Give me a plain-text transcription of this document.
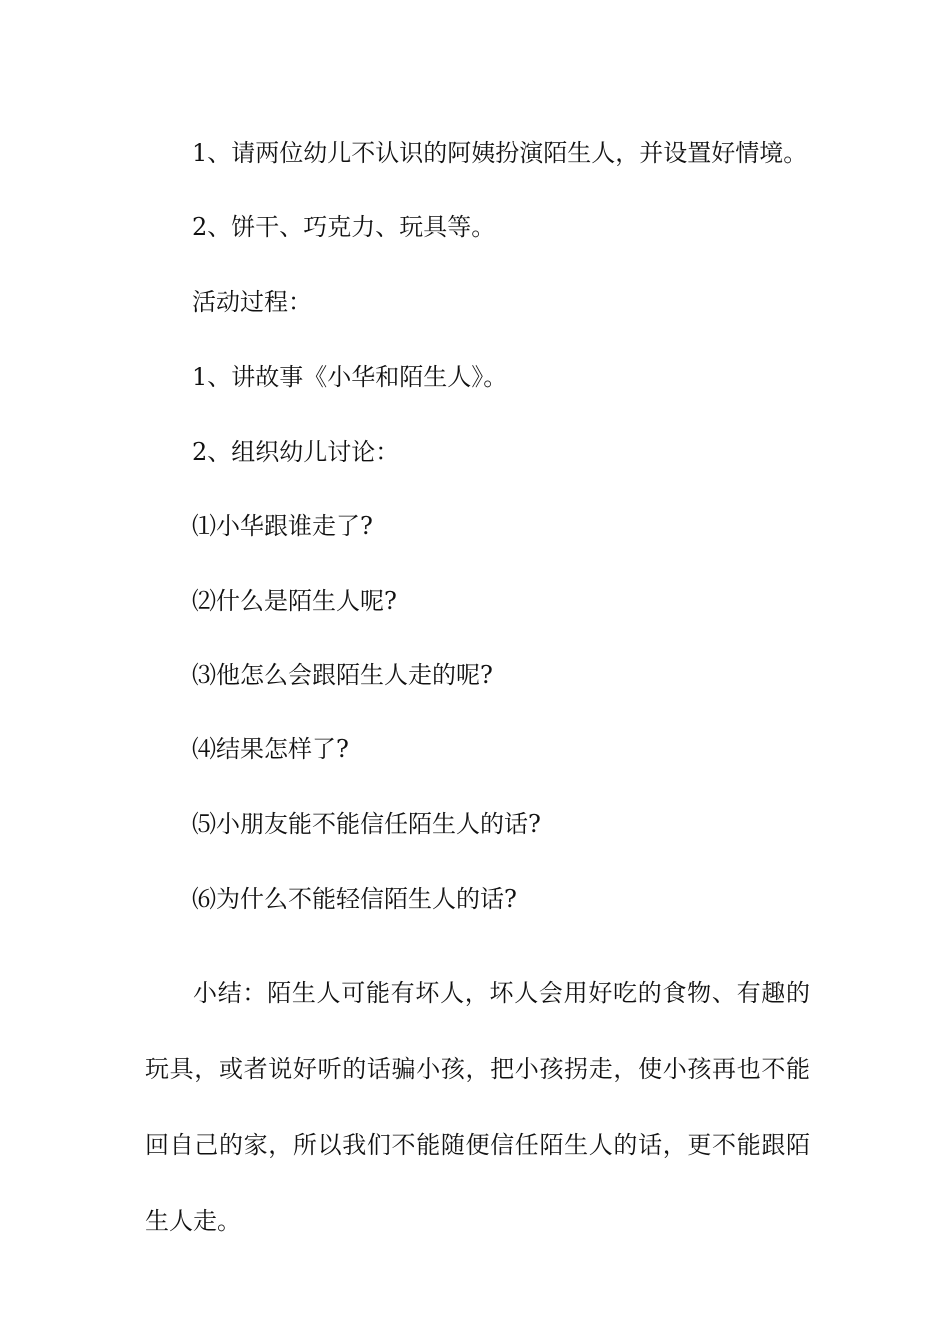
1、请两位幼儿不认识的阿姨扮演陌生人，并设置好情境。

2、饼干、巧克力、玩具等。

活动过程：

1、讲故事《小华和陌生人》。

2、组织幼儿讨论：

⑴小华跟谁走了?

⑵什么是陌生人呢?

⑶他怎么会跟陌生人走的呢?

⑷结果怎样了?

⑸小朋友能不能信任陌生人的话?

⑹为什么不能轻信陌生人的话?

小结：陌生人可能有坏人，坏人会用好吃的食物、有趣的玩具，或者说好听的话骗小孩，把小孩拐走，使小孩再也不能回自己的家，所以我们不能随便信任陌生人的话，更不能跟陌生人走。
